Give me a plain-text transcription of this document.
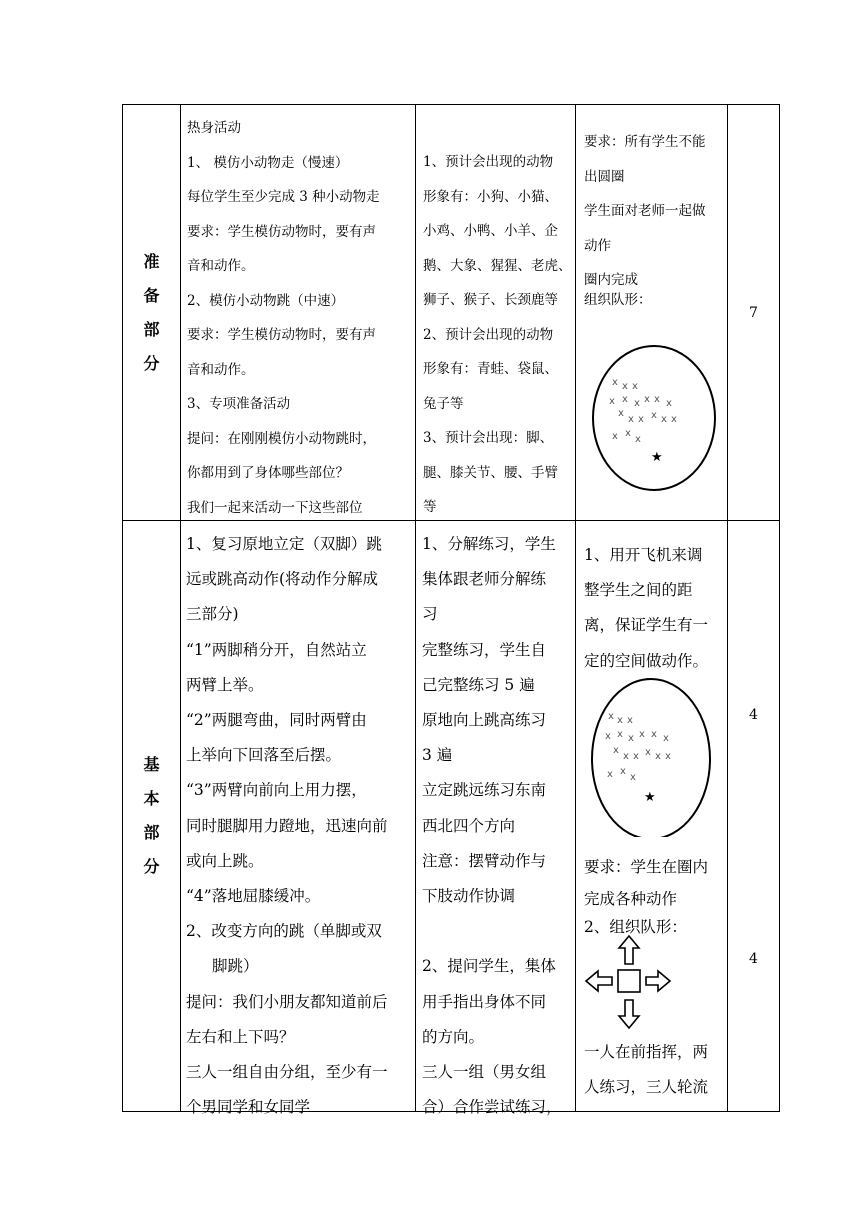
准
备
部
分
热身活动
1、 模仿小动物走（慢速）
每位学生至少完成 3 种小动物走
要求：学生模仿动物时，要有声
音和动作。
2、模仿小动物跳（中速）
要求：学生模仿动物时，要有声
音和动作。
3、专项准备活动
提问：在刚刚模仿小动物跳时，
你都用到了身体哪些部位？
我们一起来活动一下这些部位
1、预计会出现的动物
形象有：小狗、小猫、
小鸡、小鸭、小羊、企
鹅、大象、猩猩、老虎、
狮子、猴子、长颈鹿等
2、预计会出现的动物
形象有：青蛙、袋鼠、
兔子等
3、预计会出现：脚、
腿、膝关节、腰、手臂
等
要求：所有学生不能
出圆圈
学生面对老师一起做
动作
圈内完成
组织队形：
x x x
x x x x x x
x
x x x x x
x x
x
★
7
基
本
部
分
1、复习原地立定（双脚）跳
远或跳高动作(将动作分解成
三部分)
“1”两脚稍分开，自然站立
两臂上举。
“2”两腿弯曲，同时两臂由
上举向下回落至后摆。
“3”两臂向前向上用力摆，
同时腿脚用力蹬地，迅速向前
或向上跳。
“4”落地屈膝缓冲。
2、改变方向的跳（单脚或双
脚跳）
提问：我们小朋友都知道前后
左右和上下吗？
三人一组自由分组，至少有一
个男同学和女同学
1、分解练习，学生
集体跟老师分解练
习
完整练习，学生自
己完整练习 5 遍
原地向上跳高练习
3 遍
立定跳远练习东南
西北四个方向
注意：摆臂动作与
下肢动作协调
2、提问学生，集体
用手指出身体不同
的方向。
三人一组（男女组
合）合作尝试练习，
1、用开飞机来调
整学生之间的距
离，保证学生有一
定的空间做动作。
x x x
x x x x x x
x
x x x x x
x x
x
★
要求：学生在圈内
完成各种动作
2、组织队形：
一人在前指挥，两
人练习，三人轮流
4
4
